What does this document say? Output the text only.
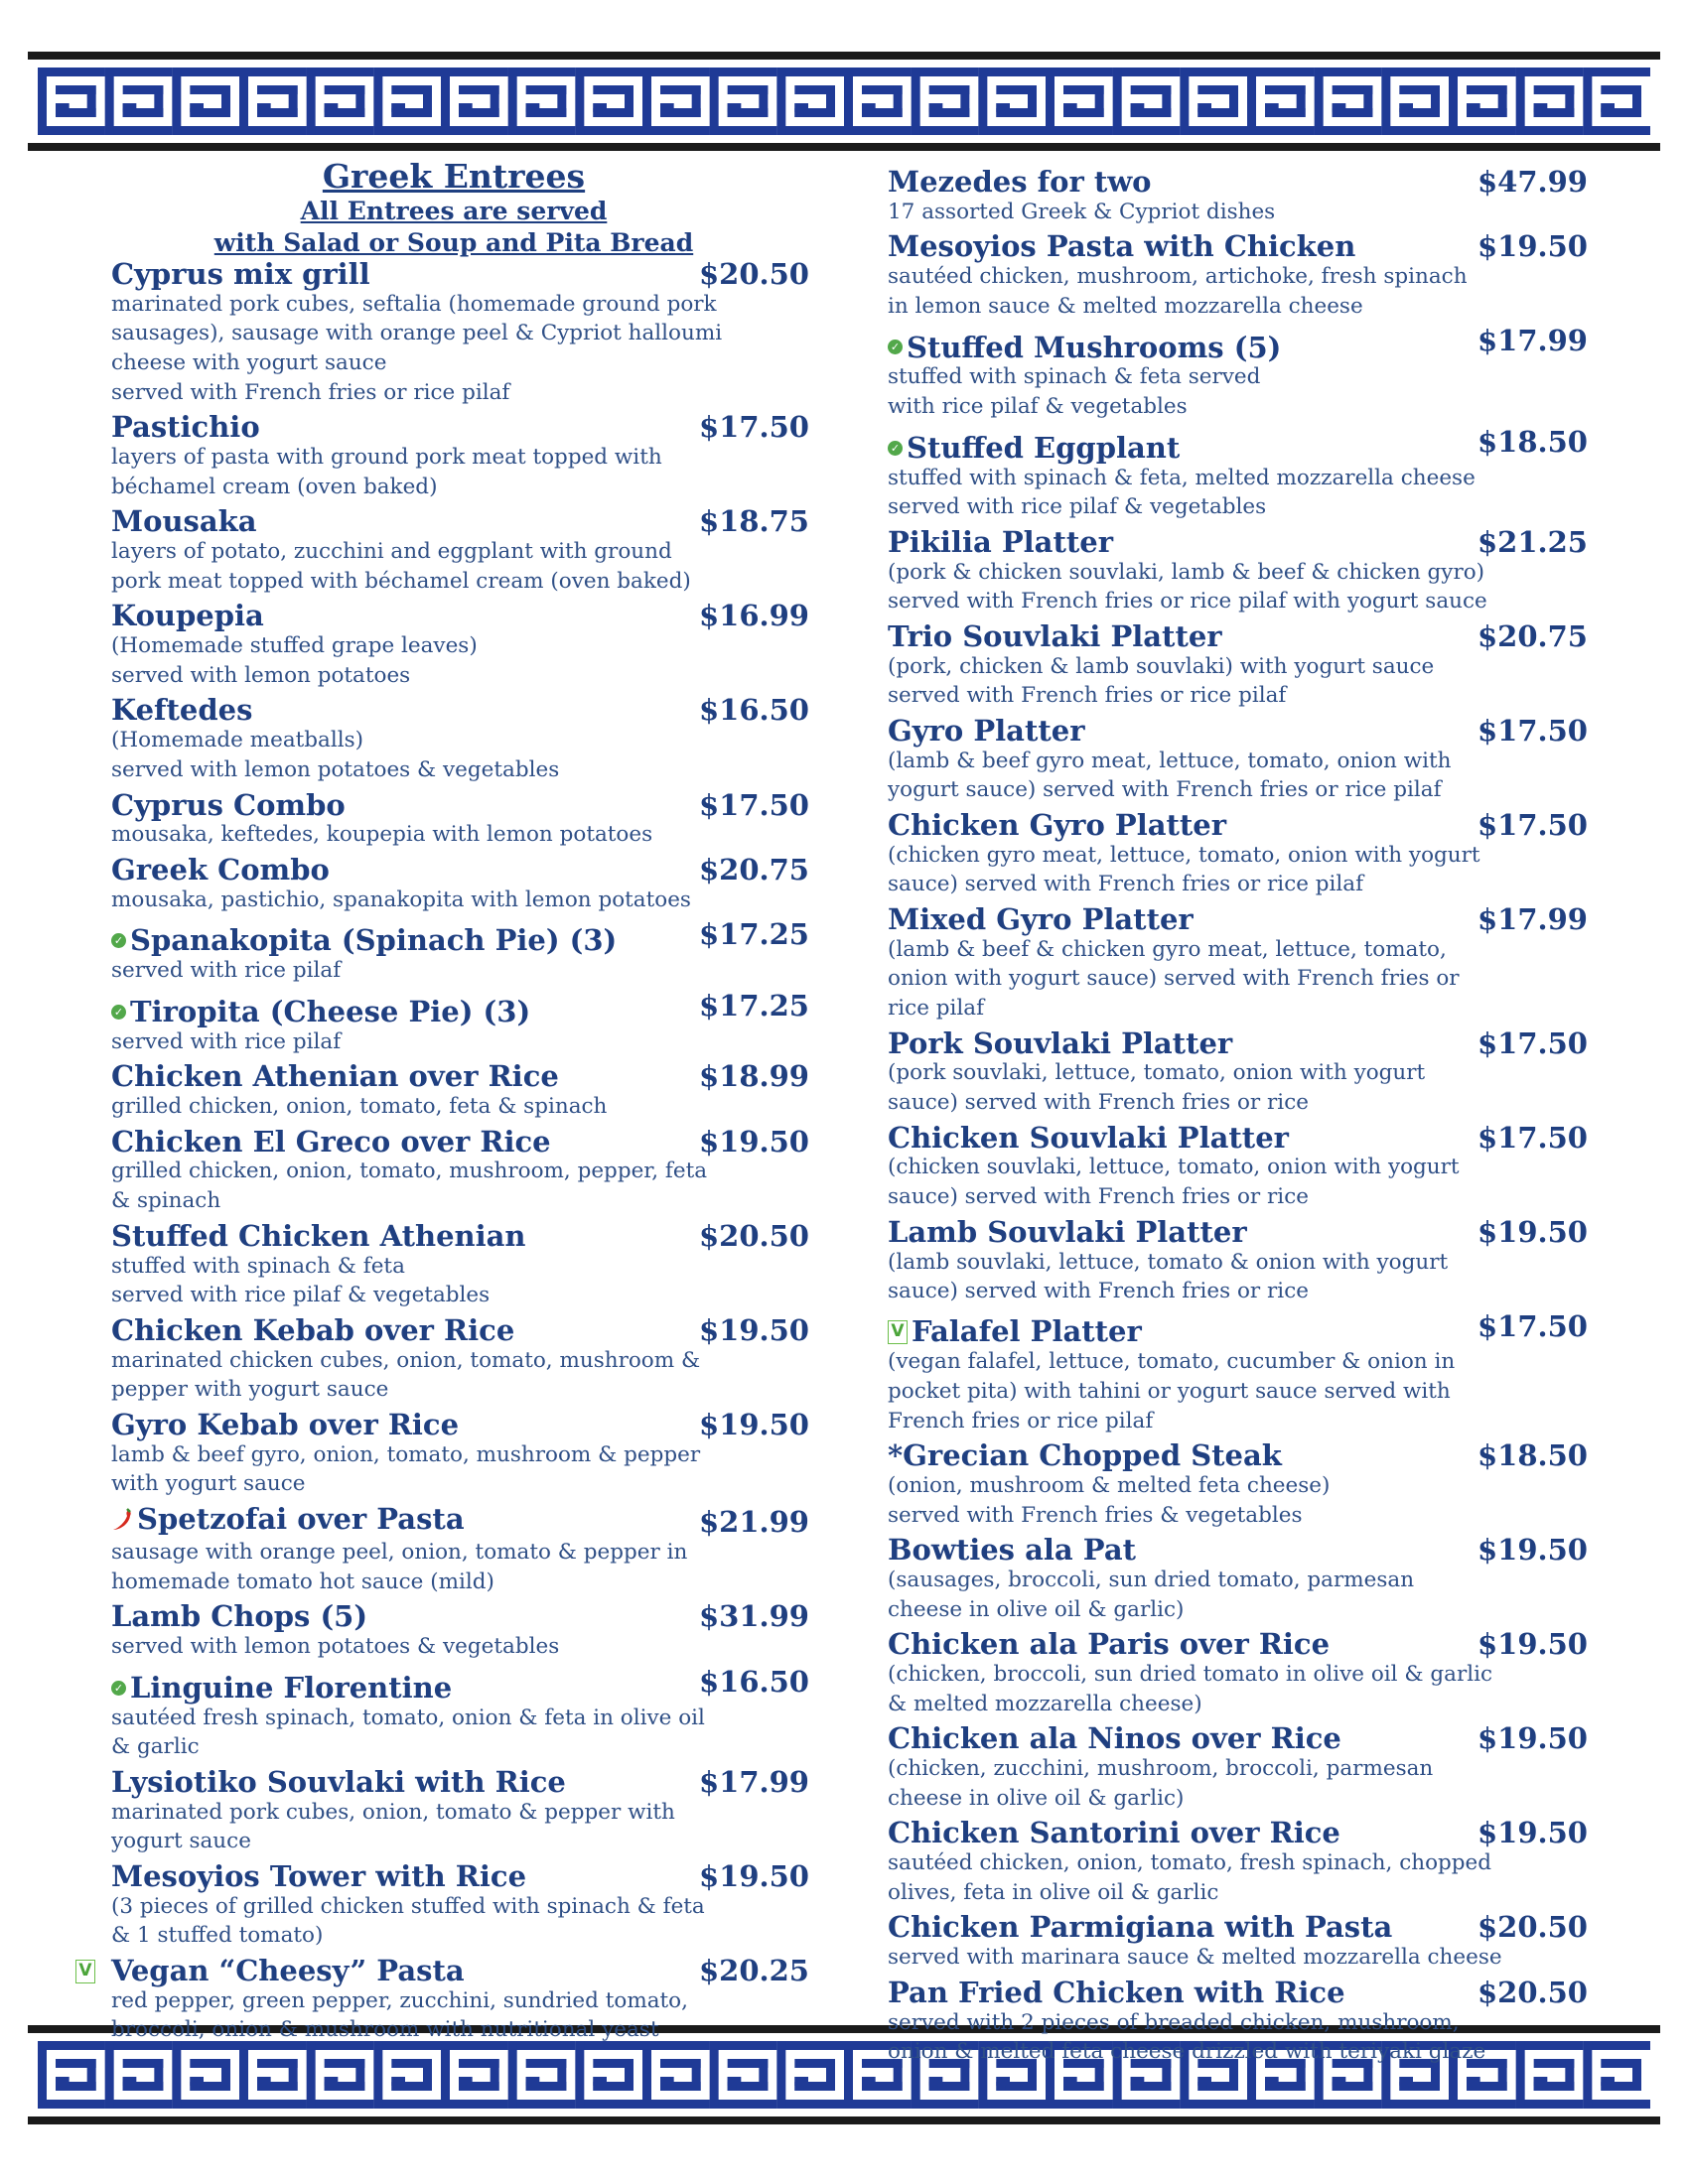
Greek Entrees
All Entrees are served
with Salad or Soup and Pita Bread
Cyprus mix grill	$20.50
marinated pork cubes, seftalia (homemade ground pork
sausages), sausage with orange peel & Cypriot halloumi
cheese with yogurt sauce
served with French fries or rice pilaf
Pastichio	$17.50
layers of pasta with ground pork meat topped with
béchamel cream (oven baked)
Mousaka	$18.75
layers of potato, zucchini and eggplant with ground
pork meat topped with béchamel cream (oven baked)
Koupepia	$16.99
(Homemade stuffed grape leaves)
served with lemon potatoes
Keftedes	$16.50
(Homemade meatballs)
served with lemon potatoes & vegetables
Cyprus Combo	$17.50
mousaka, keftedes, koupepia with lemon potatoes
Greek Combo	$20.75
mousaka, pastichio, spanakopita with lemon potatoes
✓ Spanakopita (Spinach Pie) (3)	$17.25
served with rice pilaf
✓ Tiropita (Cheese Pie) (3)	$17.25
served with rice pilaf
Chicken Athenian over Rice	$18.99
grilled chicken, onion, tomato, feta & spinach
Chicken El Greco over Rice	$19.50
grilled chicken, onion, tomato, mushroom, pepper, feta
& spinach
Stuffed Chicken Athenian	$20.50
stuffed with spinach & feta
served with rice pilaf & vegetables
Chicken Kebab over Rice	$19.50
marinated chicken cubes, onion, tomato, mushroom &
pepper with yogurt sauce
Gyro Kebab over Rice	$19.50
lamb & beef gyro, onion, tomato, mushroom & pepper
with yogurt sauce
Spetzofai over Pasta	$21.99
sausage with orange peel, onion, tomato & pepper in
homemade tomato hot sauce (mild)
Lamb Chops (5)	$31.99
served with lemon potatoes & vegetables
✓ Linguine Florentine	$16.50
sautéed fresh spinach, tomato, onion & feta in olive oil
& garlic
Lysiotiko Souvlaki with Rice	$17.99
marinated pork cubes, onion, tomato & pepper with
yogurt sauce
Mesoyios Tower with Rice	$19.50
(3 pieces of grilled chicken stuffed with spinach & feta
& 1 stuffed tomato)
V Vegan “Cheesy” Pasta	$20.25
red pepper, green pepper, zucchini, sundried tomato,
broccoli, onion & mushroom with nutritional yeast
Mezedes for two	$47.99
17 assorted Greek & Cypriot dishes
Mesoyios Pasta with Chicken	$19.50
sautéed chicken, mushroom, artichoke, fresh spinach
in lemon sauce & melted mozzarella cheese
✓ Stuffed Mushrooms (5)	$17.99
stuffed with spinach & feta served
with rice pilaf & vegetables
✓ Stuffed Eggplant	$18.50
stuffed with spinach & feta, melted mozzarella cheese
served with rice pilaf & vegetables
Pikilia Platter	$21.25
(pork & chicken souvlaki, lamb & beef & chicken gyro)
served with French fries or rice pilaf with yogurt sauce
Trio Souvlaki Platter	$20.75
(pork, chicken & lamb souvlaki) with yogurt sauce
served with French fries or rice pilaf
Gyro Platter	$17.50
(lamb & beef gyro meat, lettuce, tomato, onion with
yogurt sauce) served with French fries or rice pilaf
Chicken Gyro Platter	$17.50
(chicken gyro meat, lettuce, tomato, onion with yogurt
sauce) served with French fries or rice pilaf
Mixed Gyro Platter	$17.99
(lamb & beef & chicken gyro meat, lettuce, tomato,
onion with yogurt sauce) served with French fries or
rice pilaf
Pork Souvlaki Platter	$17.50
(pork souvlaki, lettuce, tomato, onion with yogurt
sauce) served with French fries or rice
Chicken Souvlaki Platter	$17.50
(chicken souvlaki, lettuce, tomato, onion with yogurt
sauce) served with French fries or rice
Lamb Souvlaki Platter	$19.50
(lamb souvlaki, lettuce, tomato & onion with yogurt
sauce) served with French fries or rice
V Falafel Platter	$17.50
(vegan falafel, lettuce, tomato, cucumber & onion in
pocket pita) with tahini or yogurt sauce served with
French fries or rice pilaf
*Grecian Chopped Steak	$18.50
(onion, mushroom & melted feta cheese)
served with French fries & vegetables
Bowties ala Pat	$19.50
(sausages, broccoli, sun dried tomato, parmesan
cheese in olive oil & garlic)
Chicken ala Paris over Rice	$19.50
(chicken, broccoli, sun dried tomato in olive oil & garlic
& melted mozzarella cheese)
Chicken ala Ninos over Rice	$19.50
(chicken, zucchini, mushroom, broccoli, parmesan
cheese in olive oil & garlic)
Chicken Santorini over Rice	$19.50
sautéed chicken, onion, tomato, fresh spinach, chopped
olives, feta in olive oil & garlic
Chicken Parmigiana with Pasta	$20.50
served with marinara sauce & melted mozzarella cheese
Pan Fried Chicken with Rice	$20.50
served with 2 pieces of breaded chicken, mushroom,
onion & melted feta cheese drizzled with teriyaki glaze
